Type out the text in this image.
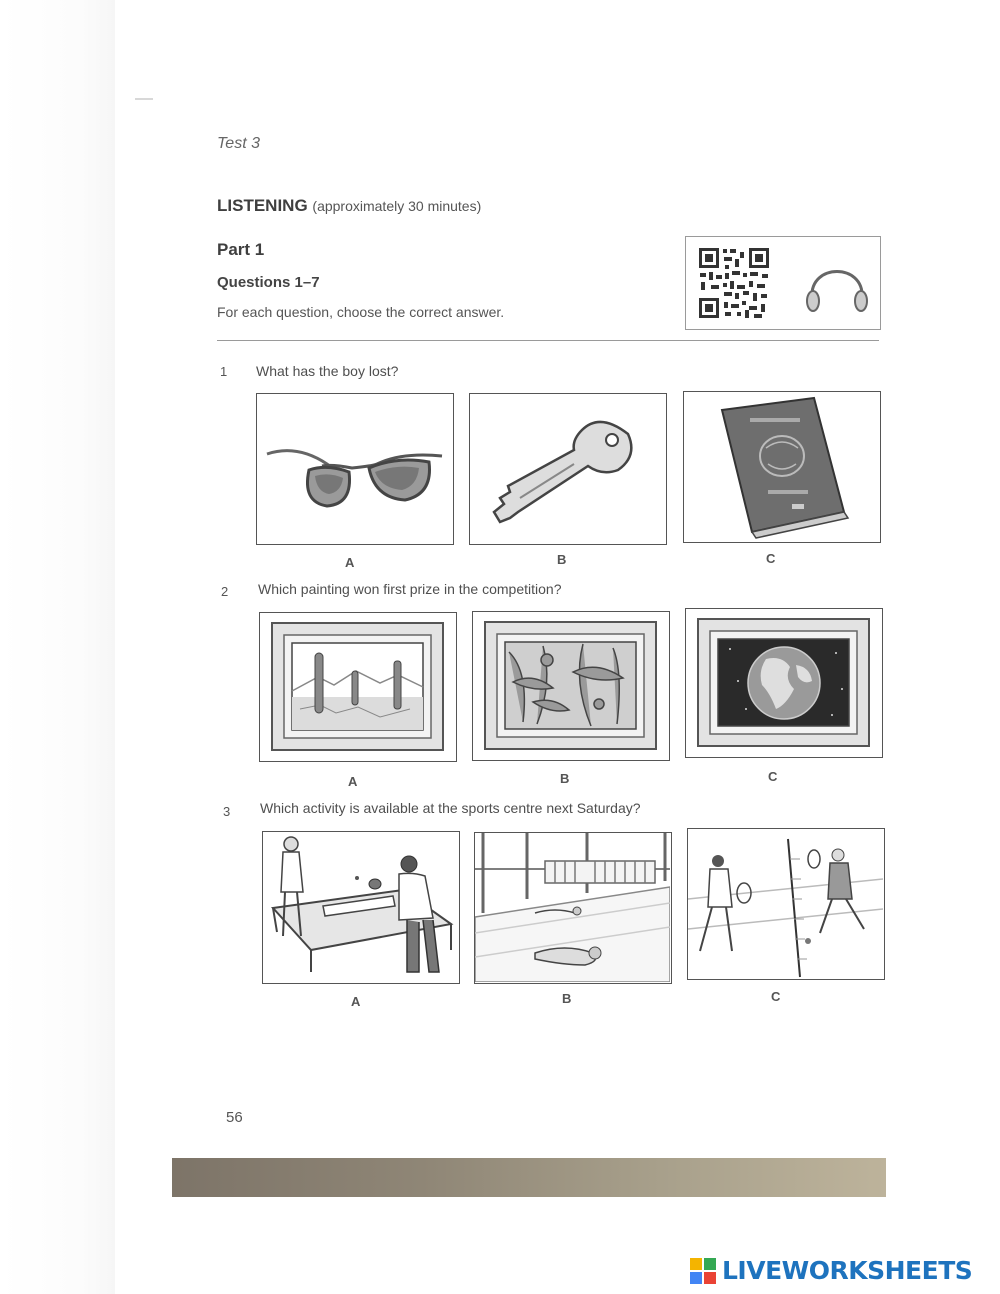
Test 3
LISTENING (approximately 30 minutes)
Part 1
Questions 1–7
For each question, choose the correct answer.
1 What has the boy lost?
A	B	C
2 Which painting won first prize in the competition?
A	B	C
3 Which activity is available at the sports centre next Saturday?
A	B	C
56
LIVEWORKSHEETS
